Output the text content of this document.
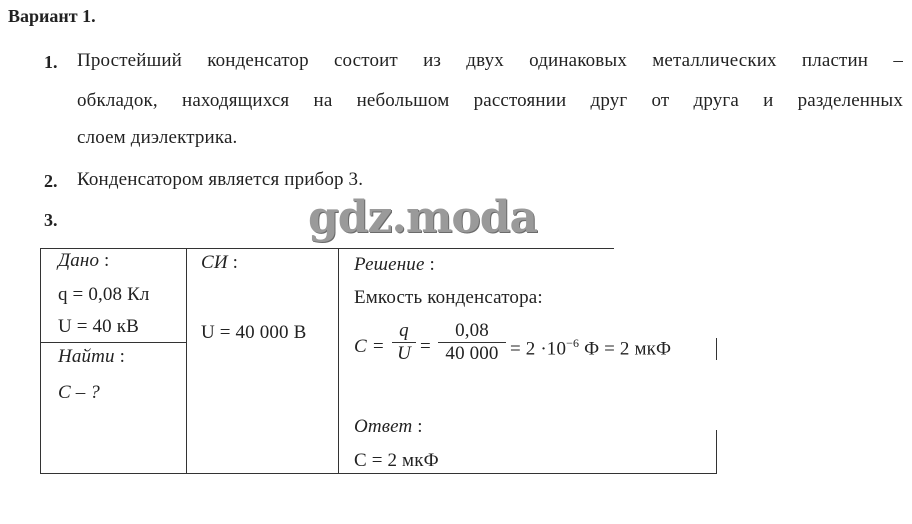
Вариант 1.
1. Простейший конденсатор состоит из двух одинаковых металлических пластин –
обкладок, находящихся на небольшом расстоянии друг от друга и разделенных
слоем диэлектрика.
2. Конденсатором является прибор 3.
3.	gdz.moda
Дано :
q = 0,08 Кл
U = 40 кВ
Найти :
C – ?
СИ :
U = 40 000 В
Решение :
Емкость конденсатора:
C =
q
U =
0,08
40 $000 = 2 \cdot 10^{-6}$ Ф = 2 мкФ
Ответ :
C = 2 мкФ
